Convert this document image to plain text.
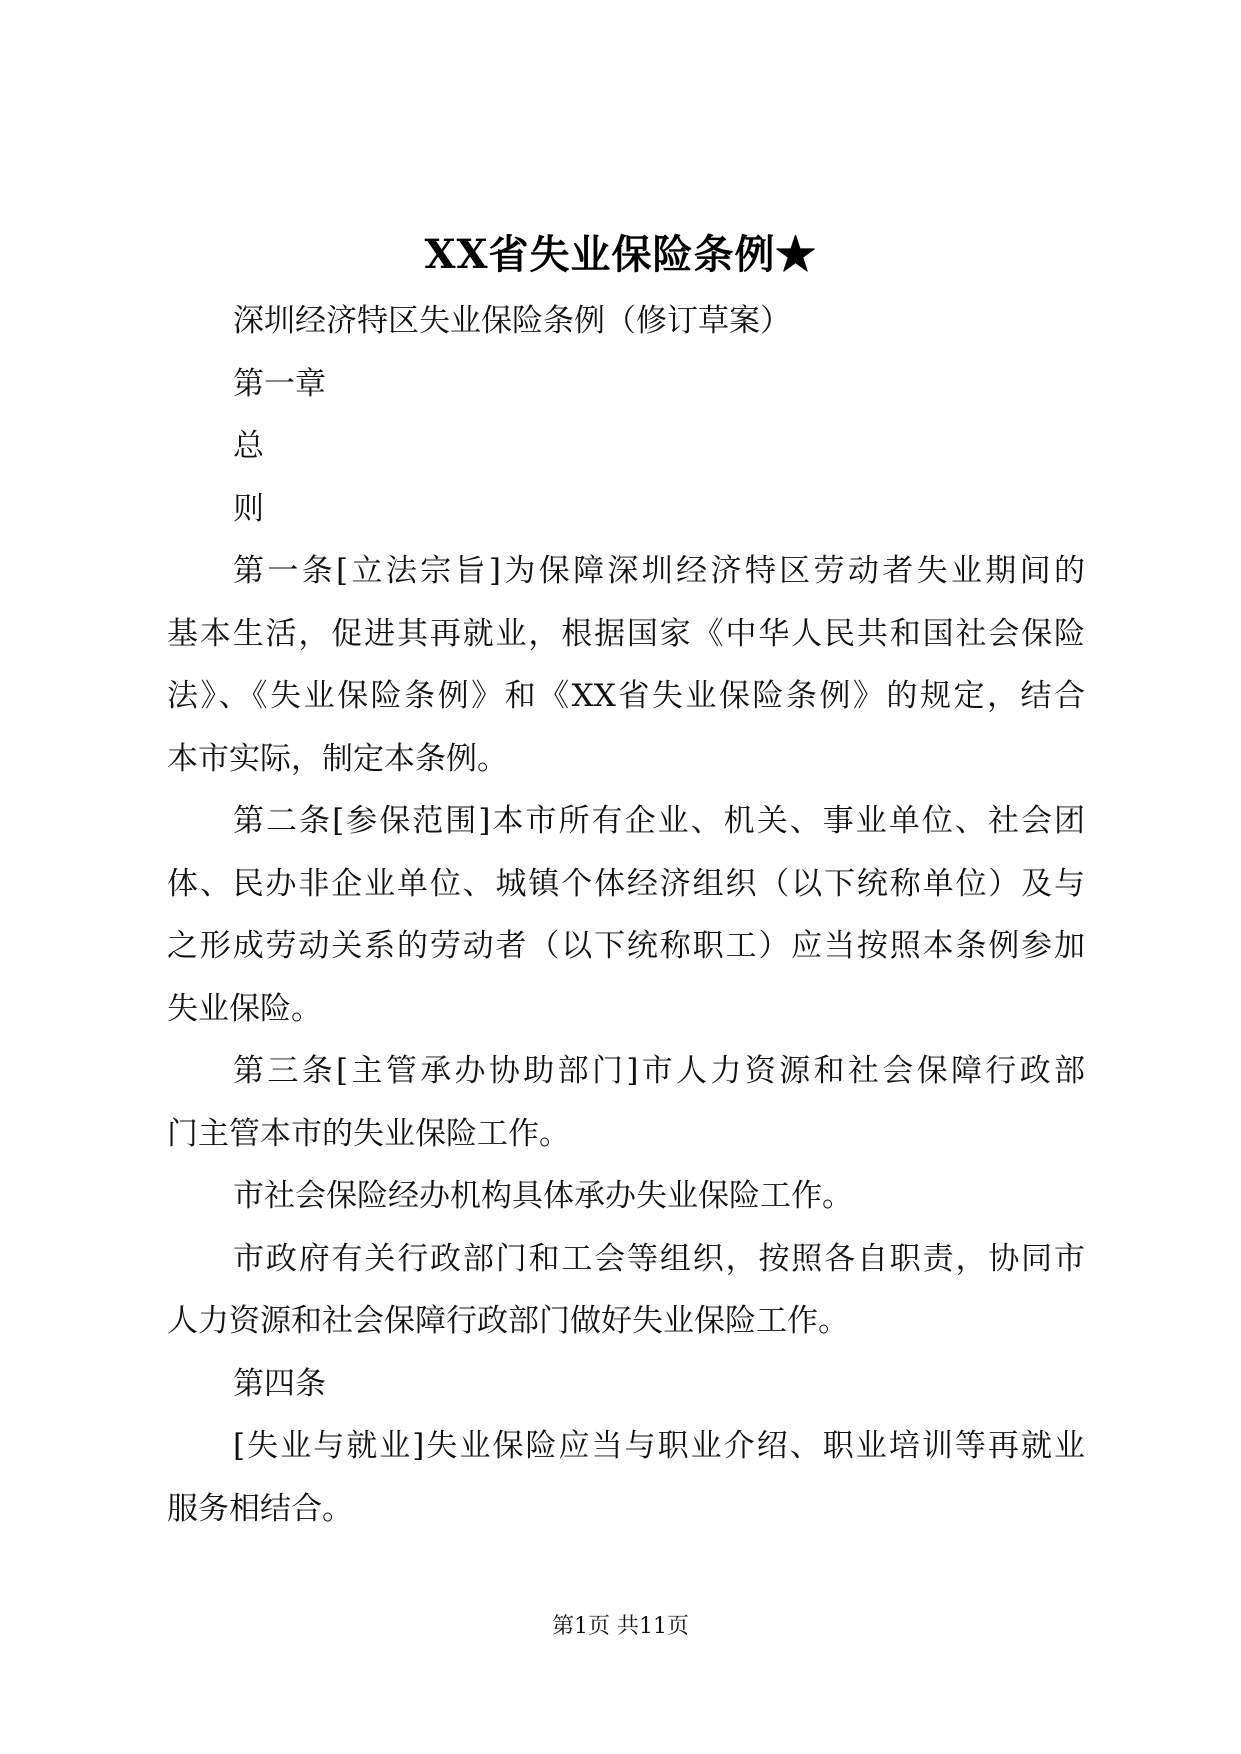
XX省失业保险条例★

深圳经济特区失业保险条例（修订草案）

第一章

总

则

第一条[立法宗旨]为保障深圳经济特区劳动者失业期间的

基本生活，促进其再就业，根据国家《中华人民共和国社会保险

法》、《失业保险条例》和《XX省失业保险条例》的规定，结合

本市实际，制定本条例。

第二条[参保范围]本市所有企业、机关、事业单位、社会团

体、民办非企业单位、城镇个体经济组织（以下统称单位）及与

之形成劳动关系的劳动者（以下统称职工）应当按照本条例参加

失业保险。

第三条[主管承办协助部门]市人力资源和社会保障行政部

门主管本市的失业保险工作。

市社会保险经办机构具体承办失业保险工作。

市政府有关行政部门和工会等组织，按照各自职责，协同市

人力资源和社会保障行政部门做好失业保险工作。

第四条

[失业与就业]失业保险应当与职业介绍、职业培训等再就业

服务相结合。

第1页 共11页
